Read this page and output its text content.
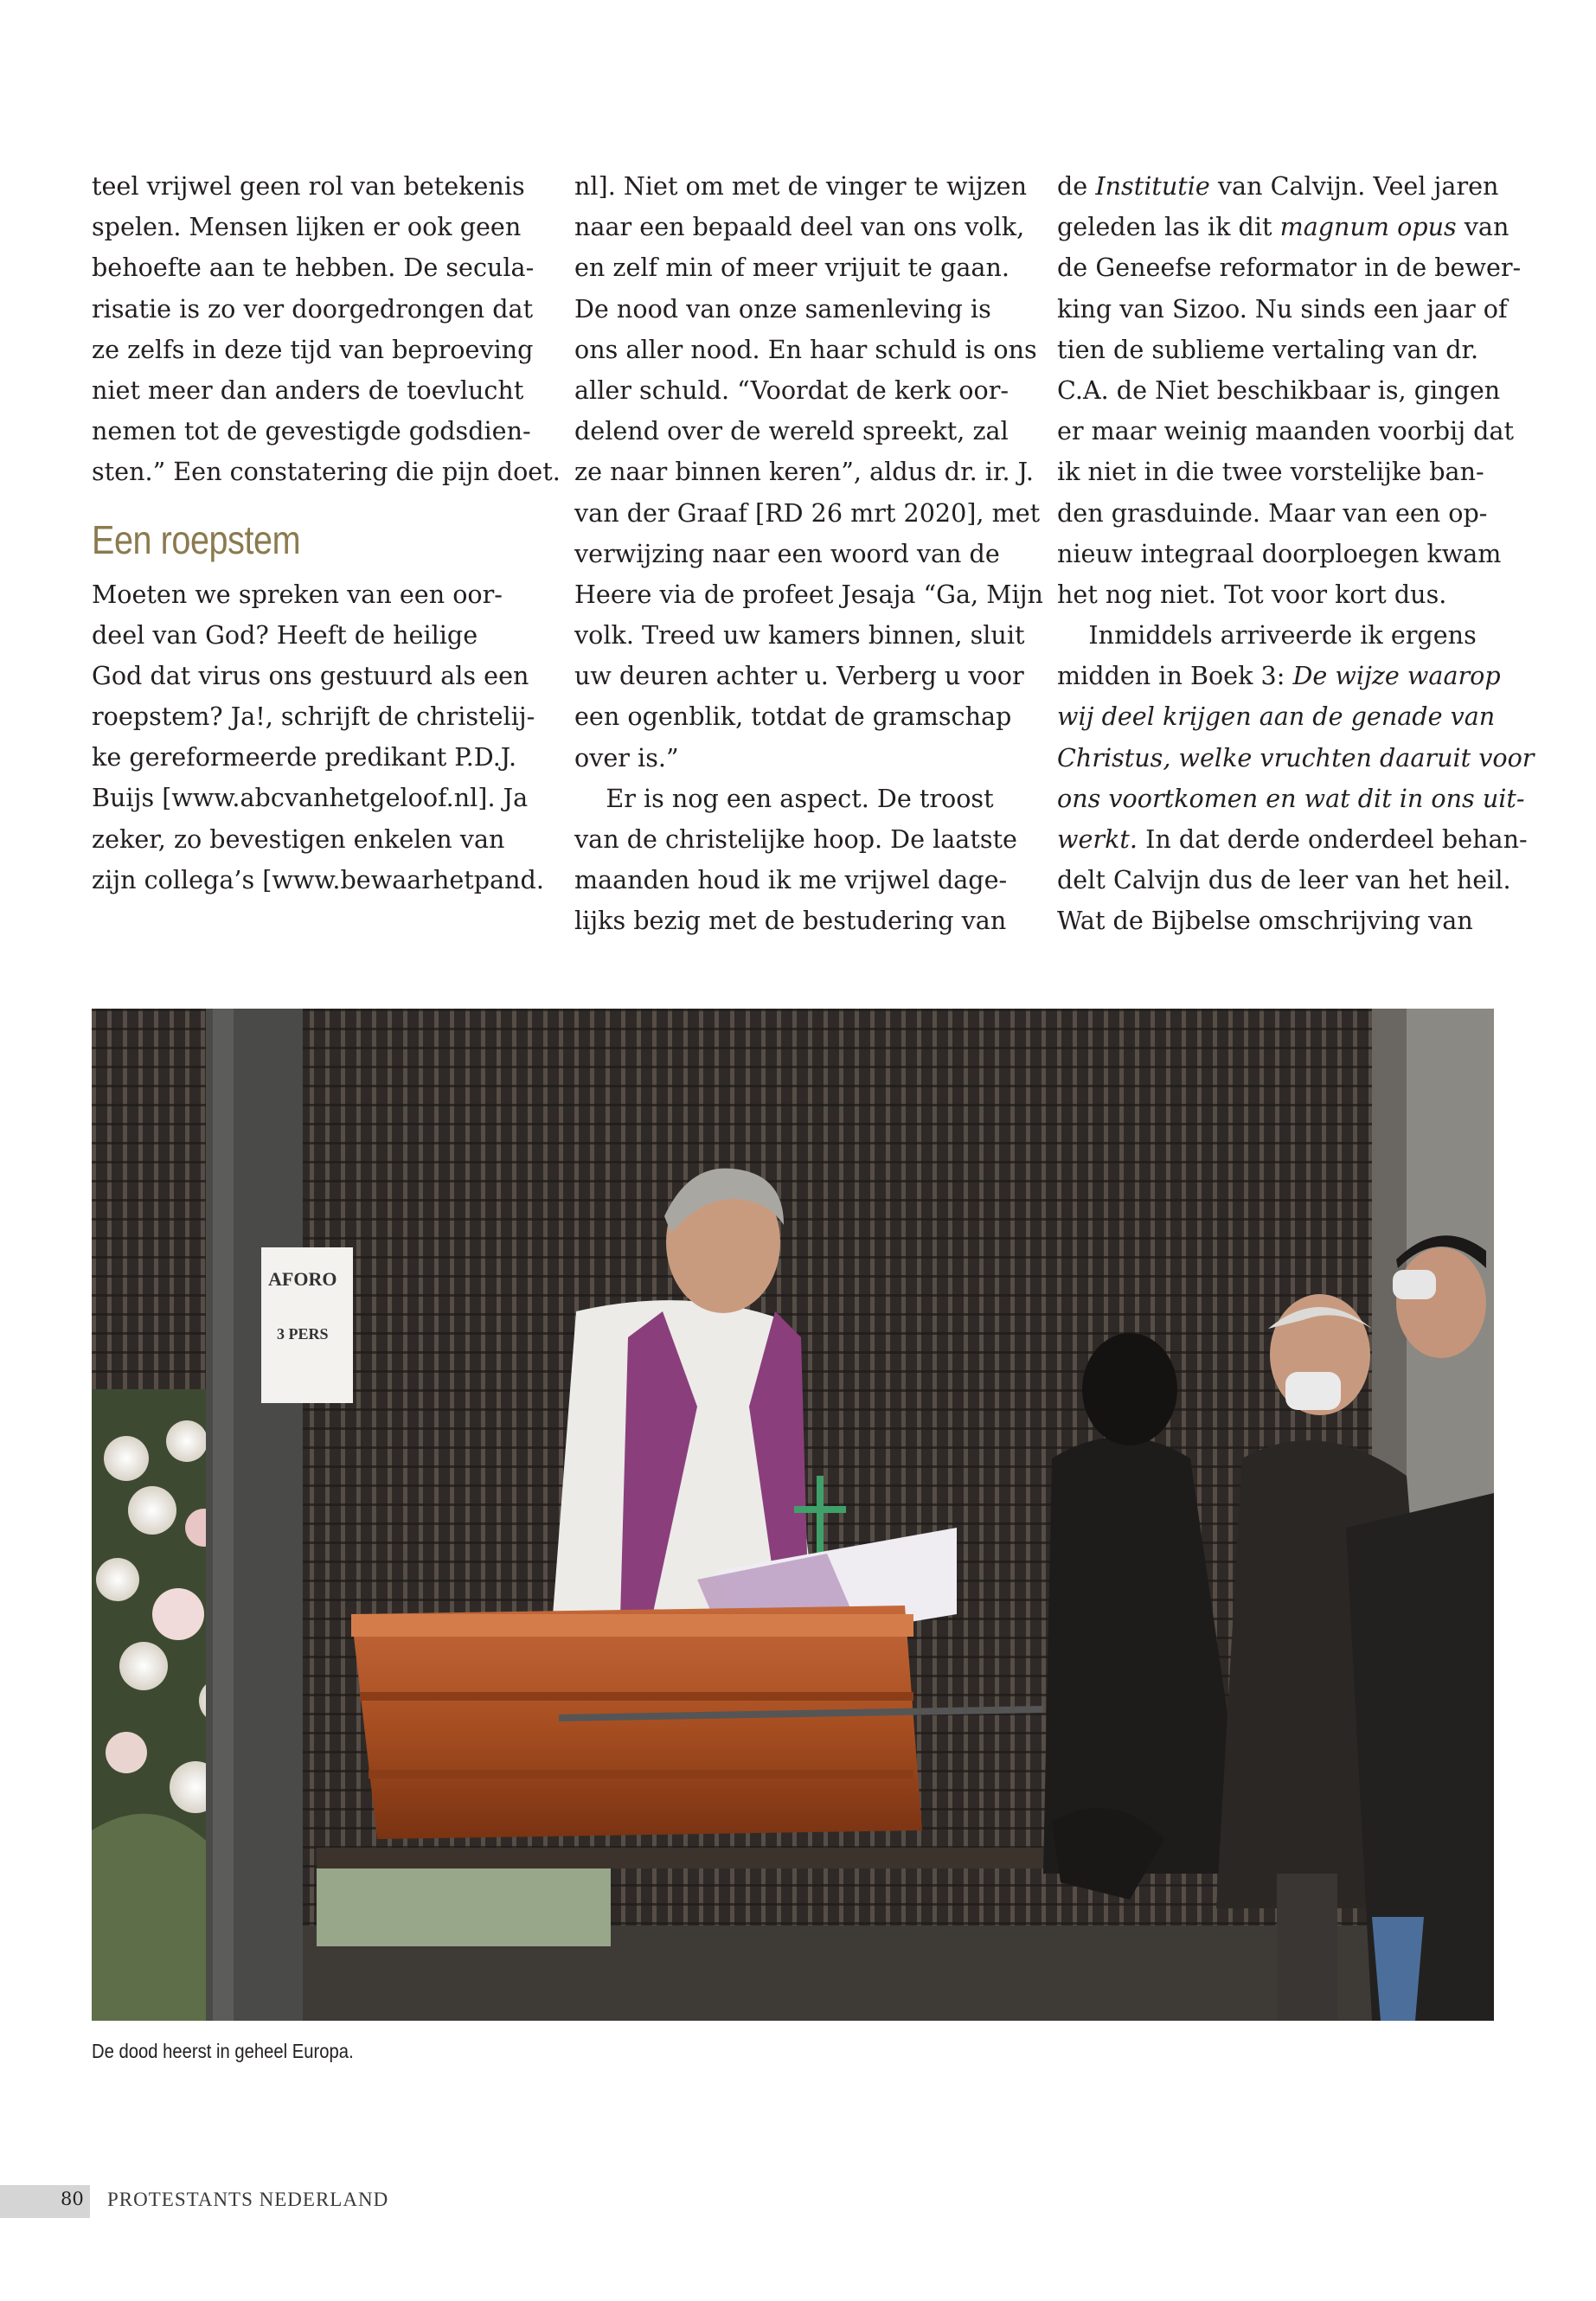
teel vrijwel geen rol van betekenis
spelen. Mensen lijken er ook geen
behoefte aan te hebben. De secula-
risatie is zo ver doorgedrongen dat
ze zelfs in deze tijd van beproeving
niet meer dan anders de toevlucht
nemen tot de gevestigde godsdien-
sten.” Een constatering die pijn doet.
Een roepstem
Moeten we spreken van een oor-
deel van God? Heeft de heilige
God dat virus ons gestuurd als een
roepstem? Ja!, schrijft de christelij-
ke gereformeerde predikant P.D.J.
Buijs [www.abcvanhetgeloof.nl]. Ja
zeker, zo bevestigen enkelen van
zijn collega’s [www.bewaarhetpand.
nl]. Niet om met de vinger te wijzen
naar een bepaald deel van ons volk,
en zelf min of meer vrijuit te gaan.
De nood van onze samenleving is
ons aller nood. En haar schuld is ons
aller schuld. “Voordat de kerk oor-
delend over de wereld spreekt, zal
ze naar binnen keren”, aldus dr. ir. J.
van der Graaf [RD 26 mrt 2020], met
verwijzing naar een woord van de
Heere via de profeet Jesaja “Ga, Mijn
volk. Treed uw kamers binnen, sluit
uw deuren achter u. Verberg u voor
een ogenblik, totdat de gramschap
over is.”
Er is nog een aspect. De troost
van de christelijke hoop. De laatste
maanden houd ik me vrijwel dage-
lijks bezig met de bestudering van
de Institutie van Calvijn. Veel jaren
geleden las ik dit magnum opus van
de Geneefse reformator in de bewer-
king van Sizoo. Nu sinds een jaar of
tien de sublieme vertaling van dr.
C.A. de Niet beschikbaar is, gingen
er maar weinig maanden voorbij dat
ik niet in die twee vorstelijke ban-
den grasduinde. Maar van een op-
nieuw integraal doorploegen kwam
het nog niet. Tot voor kort dus.
Inmiddels arriveerde ik ergens
midden in Boek 3: De wijze waarop
wij deel krijgen aan de genade van
Christus, welke vruchten daaruit voor
ons voortkomen en wat dit in ons uit-
werkt. In dat derde onderdeel behan-
delt Calvijn dus de leer van het heil.
Wat de Bijbelse omschrijving van
AFORO
3 PERS
De dood heerst in geheel Europa.
80 PROTESTANTS NEDERLAND
